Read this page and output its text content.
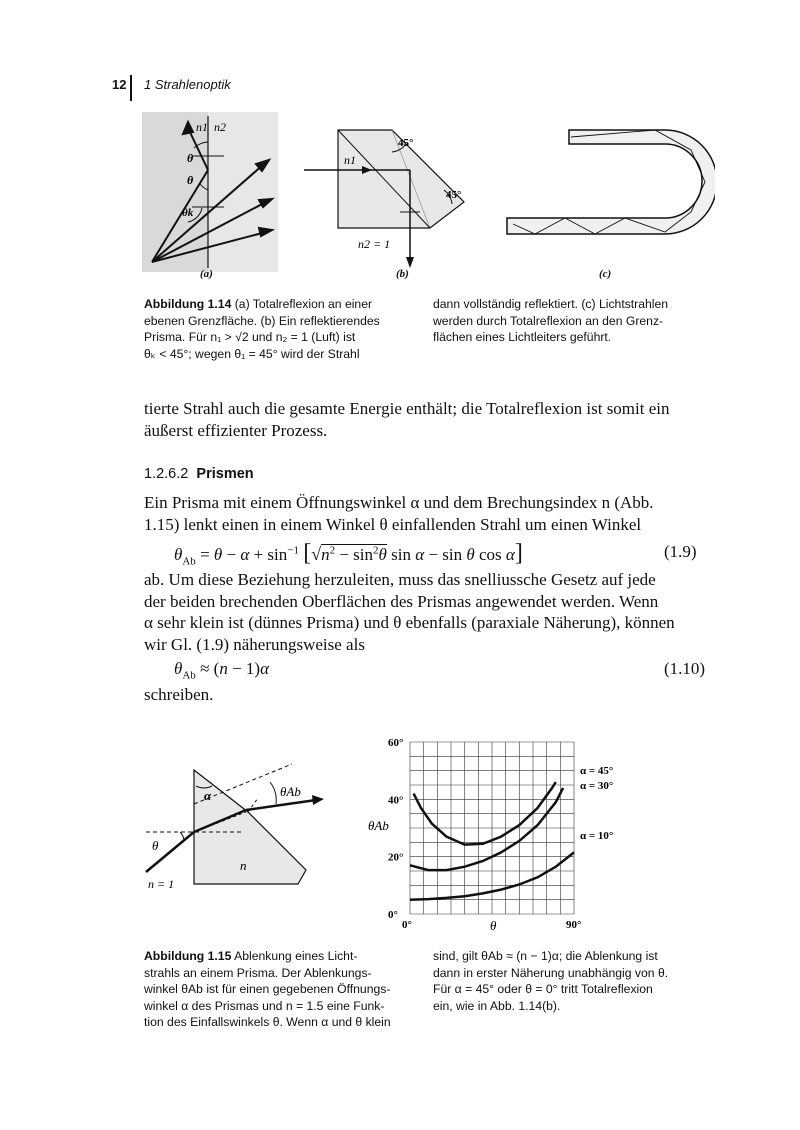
12 1 Strahlenoptik
n1 n2
θ
θ
θk
(a)
45°
45°
n1
n2 = 1
(b)	(c)
Abbildung 1.14 (a) Totalreflexion an einer
ebenen Grenzfläche. (b) Ein reflektierendes
Prisma. Für n₁ > √2 und n₂ = 1 (Luft) ist
θₖ < 45°; wegen θ₁ = 45° wird der Strahl
dann vollständig reflektiert. (c) Lichtstrahlen
werden durch Totalreflexion an den Grenz-
flächen eines Lichtleiters geführt.
tierte Strahl auch die gesamte Energie enthält; die Totalreflexion ist somit ein
äußerst effizienter Prozess.
1.2.6.2 Prismen
Ein Prisma mit einem Öffnungswinkel α und dem Brechungsindex n (Abb.
1.15) lenkt einen in einem Winkel θ einfallenden Strahl um einen Winkel
$\theta_{Ab} = \theta - \alpha + \sin^{-1} [√n^2 - \sin^2\theta$ sin α − sin θ cos α]	(1.9)
ab. Um diese Beziehung herzuleiten, muss das snelliussche Gesetz auf jede
der beiden brechenden Oberflächen des Prismas angewendet werden. Wenn
α sehr klein ist (dünnes Prisma) und θ ebenfalls (paraxiale Näherung), können
wir Gl. (1.9) näherungsweise als
$\theta_{Ab} \approx (n - 1)\alpha$	(1.10)
schreiben.
α	θAb
θ
n
n = 1
α = 45°
α = 30°
α = 10°
0°
20°
40°
60°
0°	90°
θAb
θ
Abbildung 1.15 Ablenkung eines Licht-
strahls an einem Prisma. Der Ablenkungs-
winkel θAb ist für einen gegebenen Öffnungs-
winkel α des Prismas und n = 1.5 eine Funk-
tion des Einfallswinkels θ. Wenn α und θ klein
sind, gilt θAb ≈ (n − 1)α; die Ablenkung ist
dann in erster Näherung unabhängig von θ.
Für α = 45° oder θ = 0° tritt Totalreflexion
ein, wie in Abb. 1.14(b).
